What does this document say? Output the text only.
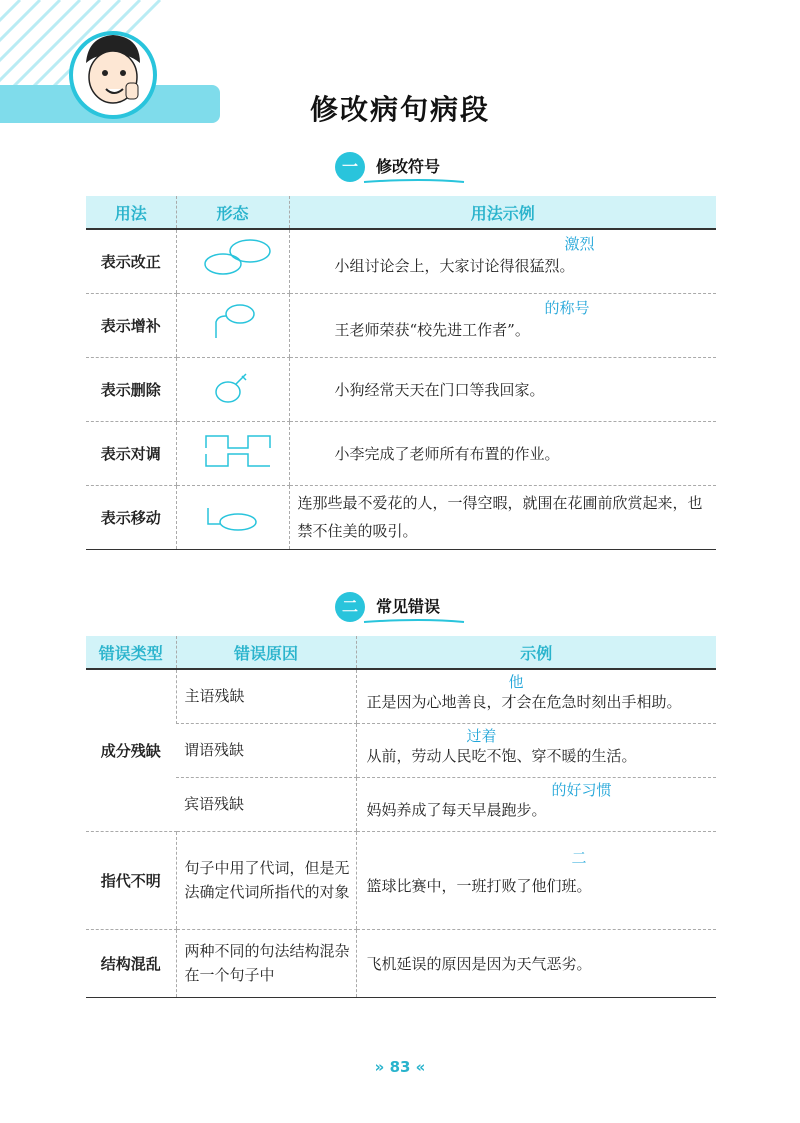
修改病句病段
一	修改符号
用法	形态	用法示例
表示改正		激烈
小组讨论会上，大家讨论得很猛烈。

表示增补		的称号
王老师荣获“校先进工作者”。

表示删除		小狗经常天天在门口等我回家。
表示对调		小李完成了老师所有布置的作业。
表示移动		连那些最不爱花的人，一得空暇，就围在花圃前欣赏起来，也禁不住美的吸引。
二	常见错误
错误类型	错误原因	示例
成分残缺	主语残缺	他
正是因为心地善良，才会在危急时刻出手相助。

	谓语残缺	过着
从前，劳动人民吃不饱、穿不暖的生活。

	宾语残缺	的好习惯
妈妈养成了每天早晨跑步。

指代不明	句子中用了代词，但是无法确定代词所指代的对象	二
篮球比赛中，一班打败了他们班。

结构混乱	两种不同的句法结构混杂在一个句子中	飞机延误的原因是因为天气恶劣。
» 83 «
